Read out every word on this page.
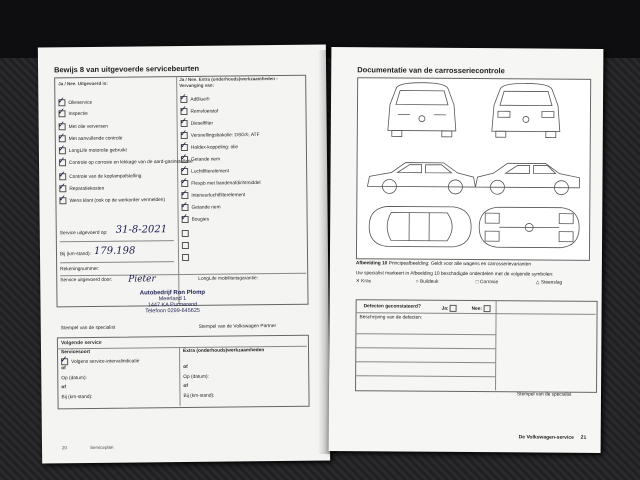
Bewijs 8 van uitgevoerde servicebeurten
Ja / Nee. Uitgevoerd is:
Ja / Nee. Extra (onderhouds)werkzaamheden - Vervanging van:
✓ Olieservice
✓ Inspectie
✓ Met olie verversen
✓ Met aanvullende controle
✓ LongLife motorolie gebruikt
✓ Controle op corrosie en lekkage van de aard-gasinstallatie
✓ Controle van de koplampafstelling
✓ Reparatiekosten
✓ Wens klant (ook op de werkorder vermelden)
✓ AdBlue®
✓ Remvloeistof
✓ Dieselfilter
✓ Versnellingsbakolie: DSG®, ATF
✓ Haldex-koppeling: olie
✓ Getande riem
✓ Luchtfilterelement
✓ Flexpb met bandenafdichtmiddel
✓ Interieurluchtfilterelement
✓ Getande riem
✓ Bougies
Service uitgevoerd op: 31-8-2021
Bij (km-stand): 179.198
Rekeningnummer:
Service uitgevoerd door: Pieter	LongLife mobiliteitsgarantie:
Autobedrijf Ron Plomp
Meerland 1
1447 KA Purmerend
Telefoon 0299-645625
Stempel van de specialist	Stempel van de Volkswagen Partner
Volgende service
Servicesoort	Extra (onderhouds)werkzaamheden
✓ Volgens service-intervalindicatie
of
Op (datum):
of
Bij (km-stand):
of
Op (datum):
of
Bij (km-stand):
20	Serviceplan
Documentatie van de carrosseriecontrole
Afbeelding 10 Principeafbeelding: Geldt voor alle wagens en carrosserievarianten
Uw specialist markeert in Afbeelding 10 beschadigde onderdelen met de volgende symbolen:
✕ Kras	○ Buildeuk	□ Corrosie	△ Steenslag
Defecten geconstateerd?	Ja:	Nee:
Beschrijving van de defecten:
Stempel van de specialist
De Volkswagen-service 21
